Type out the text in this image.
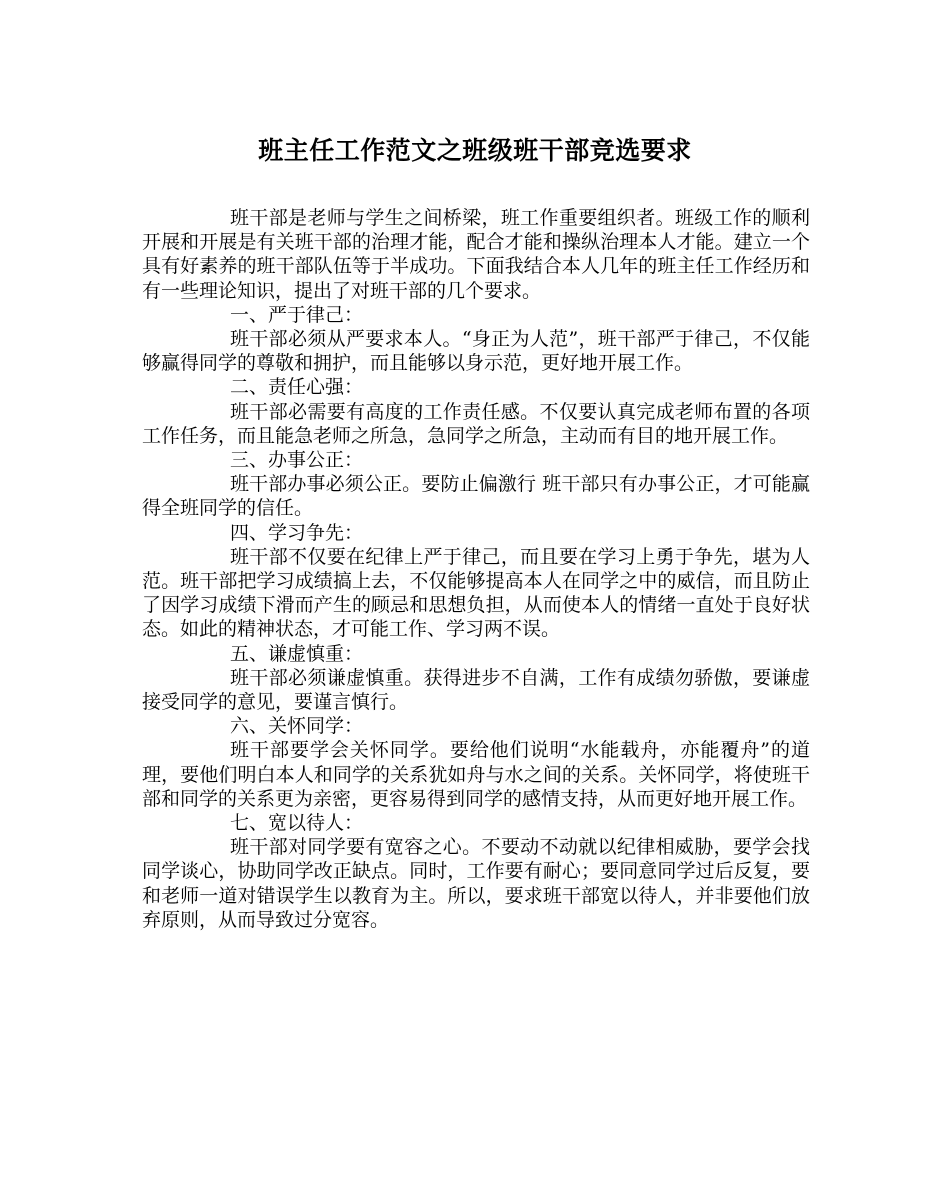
班主任工作范文之班级班干部竞选要求

班干部是老师与学生之间桥梁，班工作重要组织者。班级工作的顺利开展和开展是有关班干部的治理才能，配合才能和操纵治理本人才能。建立一个具有好素养的班干部队伍等于半成功。下面我结合本人几年的班主任工作经历和有一些理论知识，提出了对班干部的几个要求。

一、严于律己：

班干部必须从严要求本人。“身正为人范”，班干部严于律己，不仅能够赢得同学的尊敬和拥护，而且能够以身示范，更好地开展工作。

二、责任心强：

班干部必需要有高度的工作责任感。不仅要认真完成老师布置的各项工作任务，而且能急老师之所急，急同学之所急，主动而有目的地开展工作。

三、办事公正：

班干部办事必须公正。要防止偏激行 班干部只有办事公正，才可能赢得全班同学的信任。

四、学习争先：

班干部不仅要在纪律上严于律己，而且要在学习上勇于争先，堪为人范。班干部把学习成绩搞上去，不仅能够提高本人在同学之中的威信，而且防止了因学习成绩下滑而产生的顾忌和思想负担，从而使本人的情绪一直处于良好状态。如此的精神状态，才可能工作、学习两不误。

五、谦虚慎重：

班干部必须谦虚慎重。获得进步不自满，工作有成绩勿骄傲，要谦虚接受同学的意见，要谨言慎行。

六、关怀同学：

班干部要学会关怀同学。要给他们说明“水能载舟，亦能覆舟”的道理，要他们明白本人和同学的关系犹如舟与水之间的关系。关怀同学，将使班干部和同学的关系更为亲密，更容易得到同学的感情支持，从而更好地开展工作。

七、宽以待人：

班干部对同学要有宽容之心。不要动不动就以纪律相威胁，要学会找同学谈心，协助同学改正缺点。同时，工作要有耐心；要同意同学过后反复，要和老师一道对错误学生以教育为主。所以，要求班干部宽以待人，并非要他们放弃原则，从而导致过分宽容。
